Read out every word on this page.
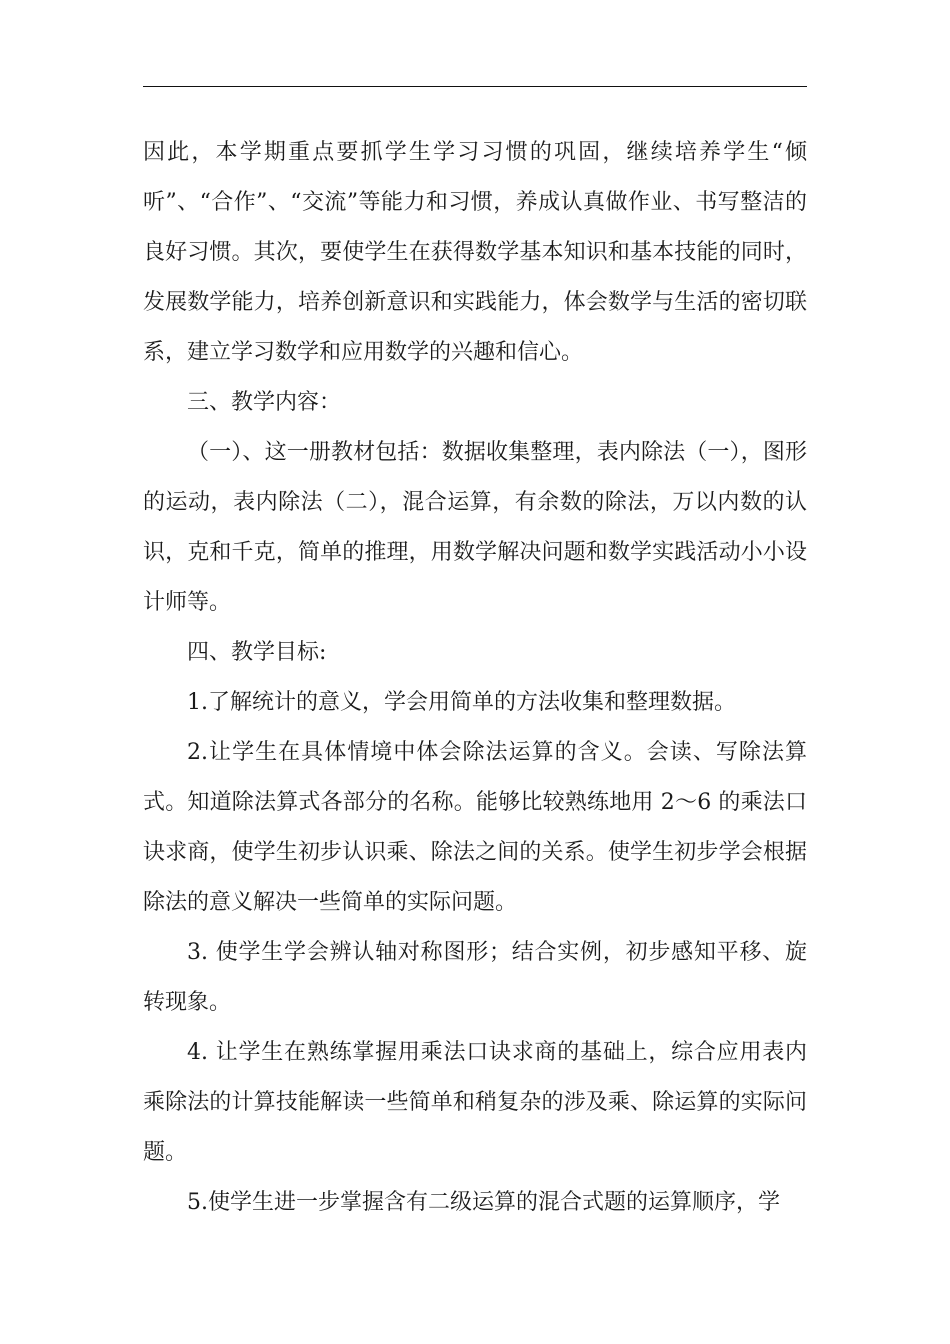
因此，本学期重点要抓学生学习习惯的巩固，继续培养学生“倾听”、“合作”、“交流”等能力和习惯，养成认真做作业、书写整洁的良好习惯。其次，要使学生在获得数学基本知识和基本技能的同时，发展数学能力，培养创新意识和实践能力，体会数学与生活的密切联系，建立学习数学和应用数学的兴趣和信心。

三、教学内容：

（一）、这一册教材包括：数据收集整理，表内除法（一），图形的运动，表内除法（二），混合运算，有余数的除法，万以内数的认识，克和千克，简单的推理，用数学解决问题和数学实践活动小小设计师等。

四、教学目标:

1.了解统计的意义，学会用简单的方法收集和整理数据。

2.让学生在具体情境中体会除法运算的含义。会读、写除法算式。知道除法算式各部分的名称。能够比较熟练地用 2～6 的乘法口诀求商，使学生初步认识乘、除法之间的关系。使学生初步学会根据除法的意义解决一些简单的实际问题。

3. 使学生学会辨认轴对称图形；结合实例，初步感知平移、旋转现象。

4. 让学生在熟练掌握用乘法口诀求商的基础上，综合应用表内乘除法的计算技能解读一些简单和稍复杂的涉及乘、除运算的实际问题。

5.使学生进一步掌握含有二级运算的混合式题的运算顺序，学
